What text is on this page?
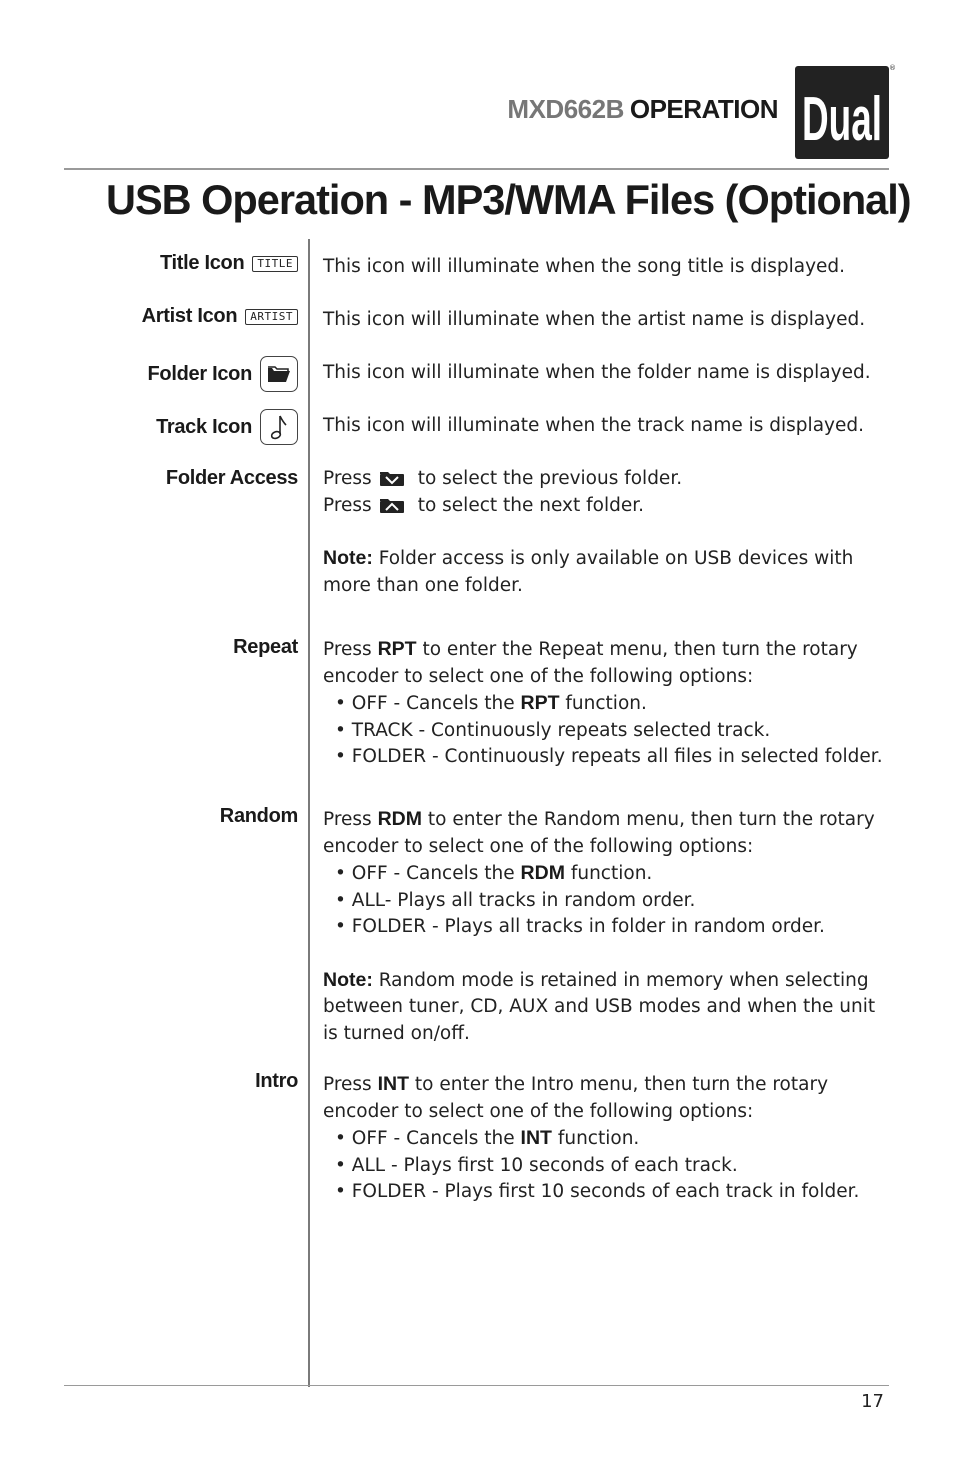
MXD662B OPERATION Dual
®
USB Operation - MP3/WMA Files (Optional)
Title Icon	TITLE This icon will illuminate when the song title is displayed.
Artist Icon	ARTIST This icon will illuminate when the artist name is displayed.
Folder Icon	This icon will illuminate when the folder name is displayed.
Track Icon	This icon will illuminate when the track name is displayed.
Folder Access Press to select the previous folder.
Press to select the next folder.
Note: Folder access is only available on USB devices with
more than one folder.
Repeat Press RPT to enter the Repeat menu, then turn the rotary
encoder to select one of the following options:
• OFF - Cancels the RPT function.
• TRACK - Continuously repeats selected track.
• FOLDER - Continuously repeats all files in selected folder.
Random Press RDM to enter the Random menu, then turn the rotary
encoder to select one of the following options:
• OFF - Cancels the RDM function.
• ALL- Plays all tracks in random order.
• FOLDER - Plays all tracks in folder in random order.
Note: Random mode is retained in memory when selecting
between tuner, CD, AUX and USB modes and when the unit
is turned on/off.
Intro Press INT to enter the Intro menu, then turn the rotary
encoder to select one of the following options:
• OFF - Cancels the INT function.
• ALL - Plays first 10 seconds of each track.
• FOLDER - Plays first 10 seconds of each track in folder.
17
